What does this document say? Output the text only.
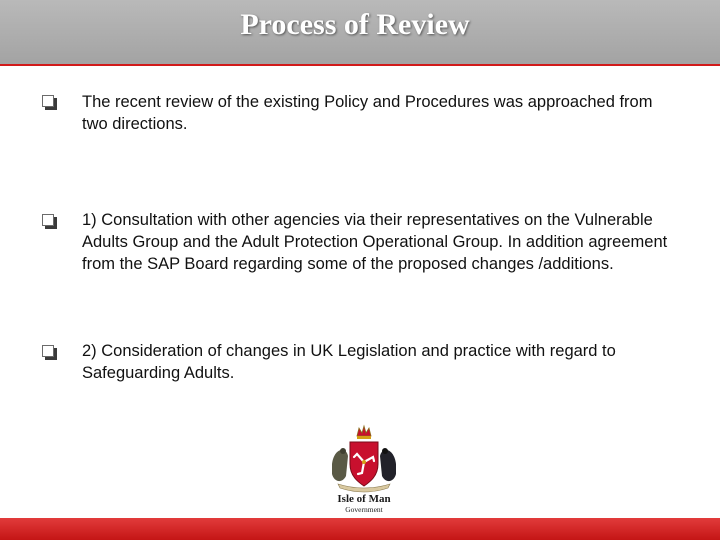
Process of Review
The recent review of the existing Policy and Procedures was approached from two directions.
1) Consultation with other agencies via their representatives on the Vulnerable Adults Group and the Adult Protection Operational Group. In addition agreement from the SAP Board regarding some of the proposed changes /additions.
2) Consideration of changes in UK Legislation and practice with regard to Safeguarding Adults.
Isle of Man
Government
